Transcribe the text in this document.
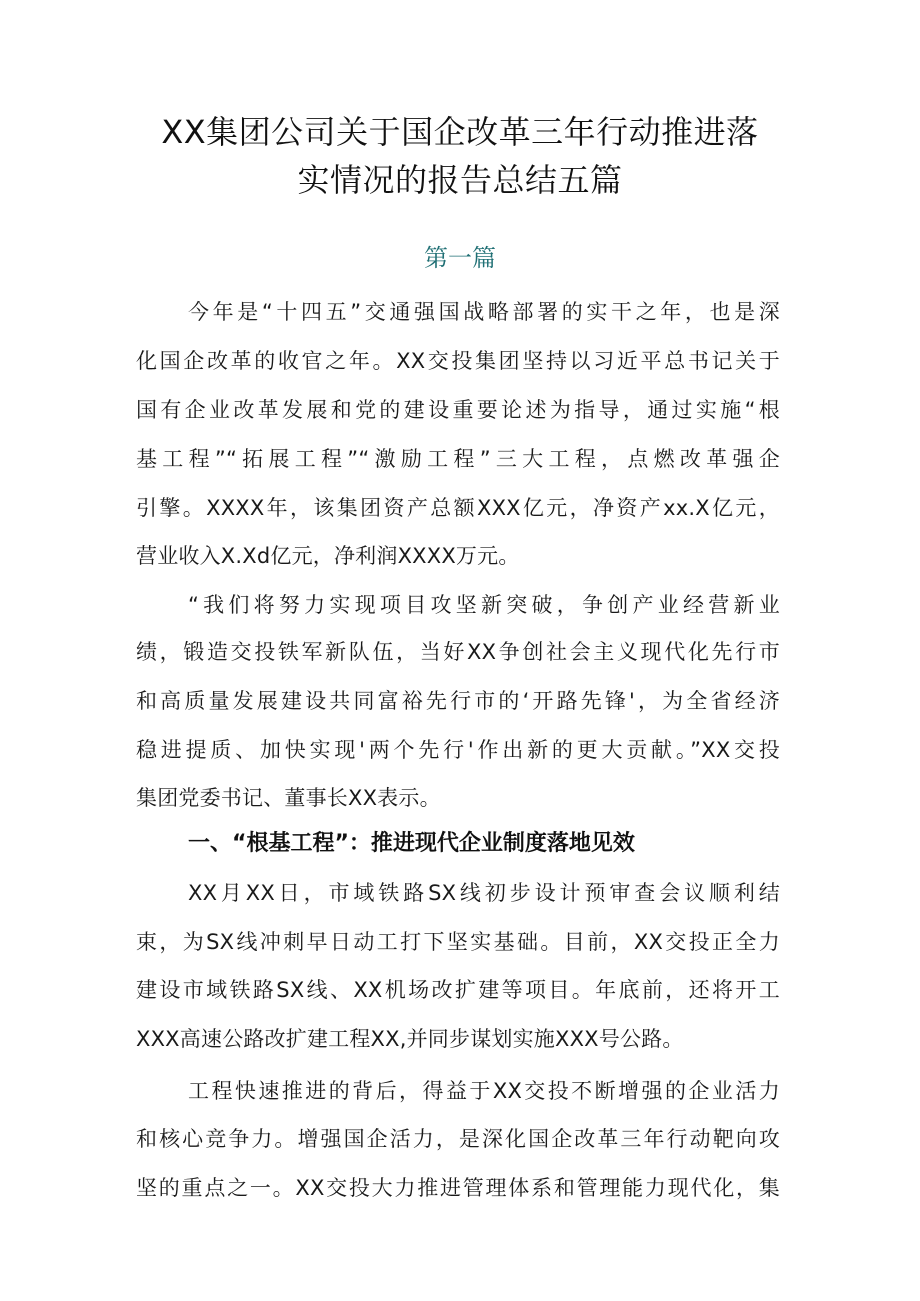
XX集团公司关于国企改革三年行动推进落
实情况的报告总结五篇
第一篇
今年是“十四五”交通强国战略部署的实干之年，也是深
化国企改革的收官之年。XX交投集团坚持以习近平总书记关于
国有企业改革发展和党的建设重要论述为指导，通过实施“根
基工程”“拓展工程”“激励工程”三大工程，点燃改革强企
引擎。XXXX年，该集团资产总额XXX亿元，净资产xx.X亿元，
营业收入X.Xd亿元，净利润XXXX万元。
“我们将努力实现项目攻坚新突破，争创产业经营新业
绩，锻造交投铁军新队伍，当好XX争创社会主义现代化先行市
和高质量发展建设共同富裕先行市的‘开路先锋'，为全省经济
稳进提质、加快实现'两个先行'作出新的更大贡献。”XX交投
集团党委书记、董事长XX表示。
一、“根基工程”：推进现代企业制度落地见效
XX月XX日，市域铁路SX线初步设计预审查会议顺利结
束，为SX线冲刺早日动工打下坚实基础。目前，XX交投正全力
建设市域铁路SX线、XX机场改扩建等项目。年底前，还将开工
XXX高速公路改扩建工程XX,并同步谋划实施XXX号公路。
工程快速推进的背后，得益于XX交投不断增强的企业活力
和核心竞争力。增强国企活力，是深化国企改革三年行动靶向攻
坚的重点之一。XX交投大力推进管理体系和管理能力现代化，集
